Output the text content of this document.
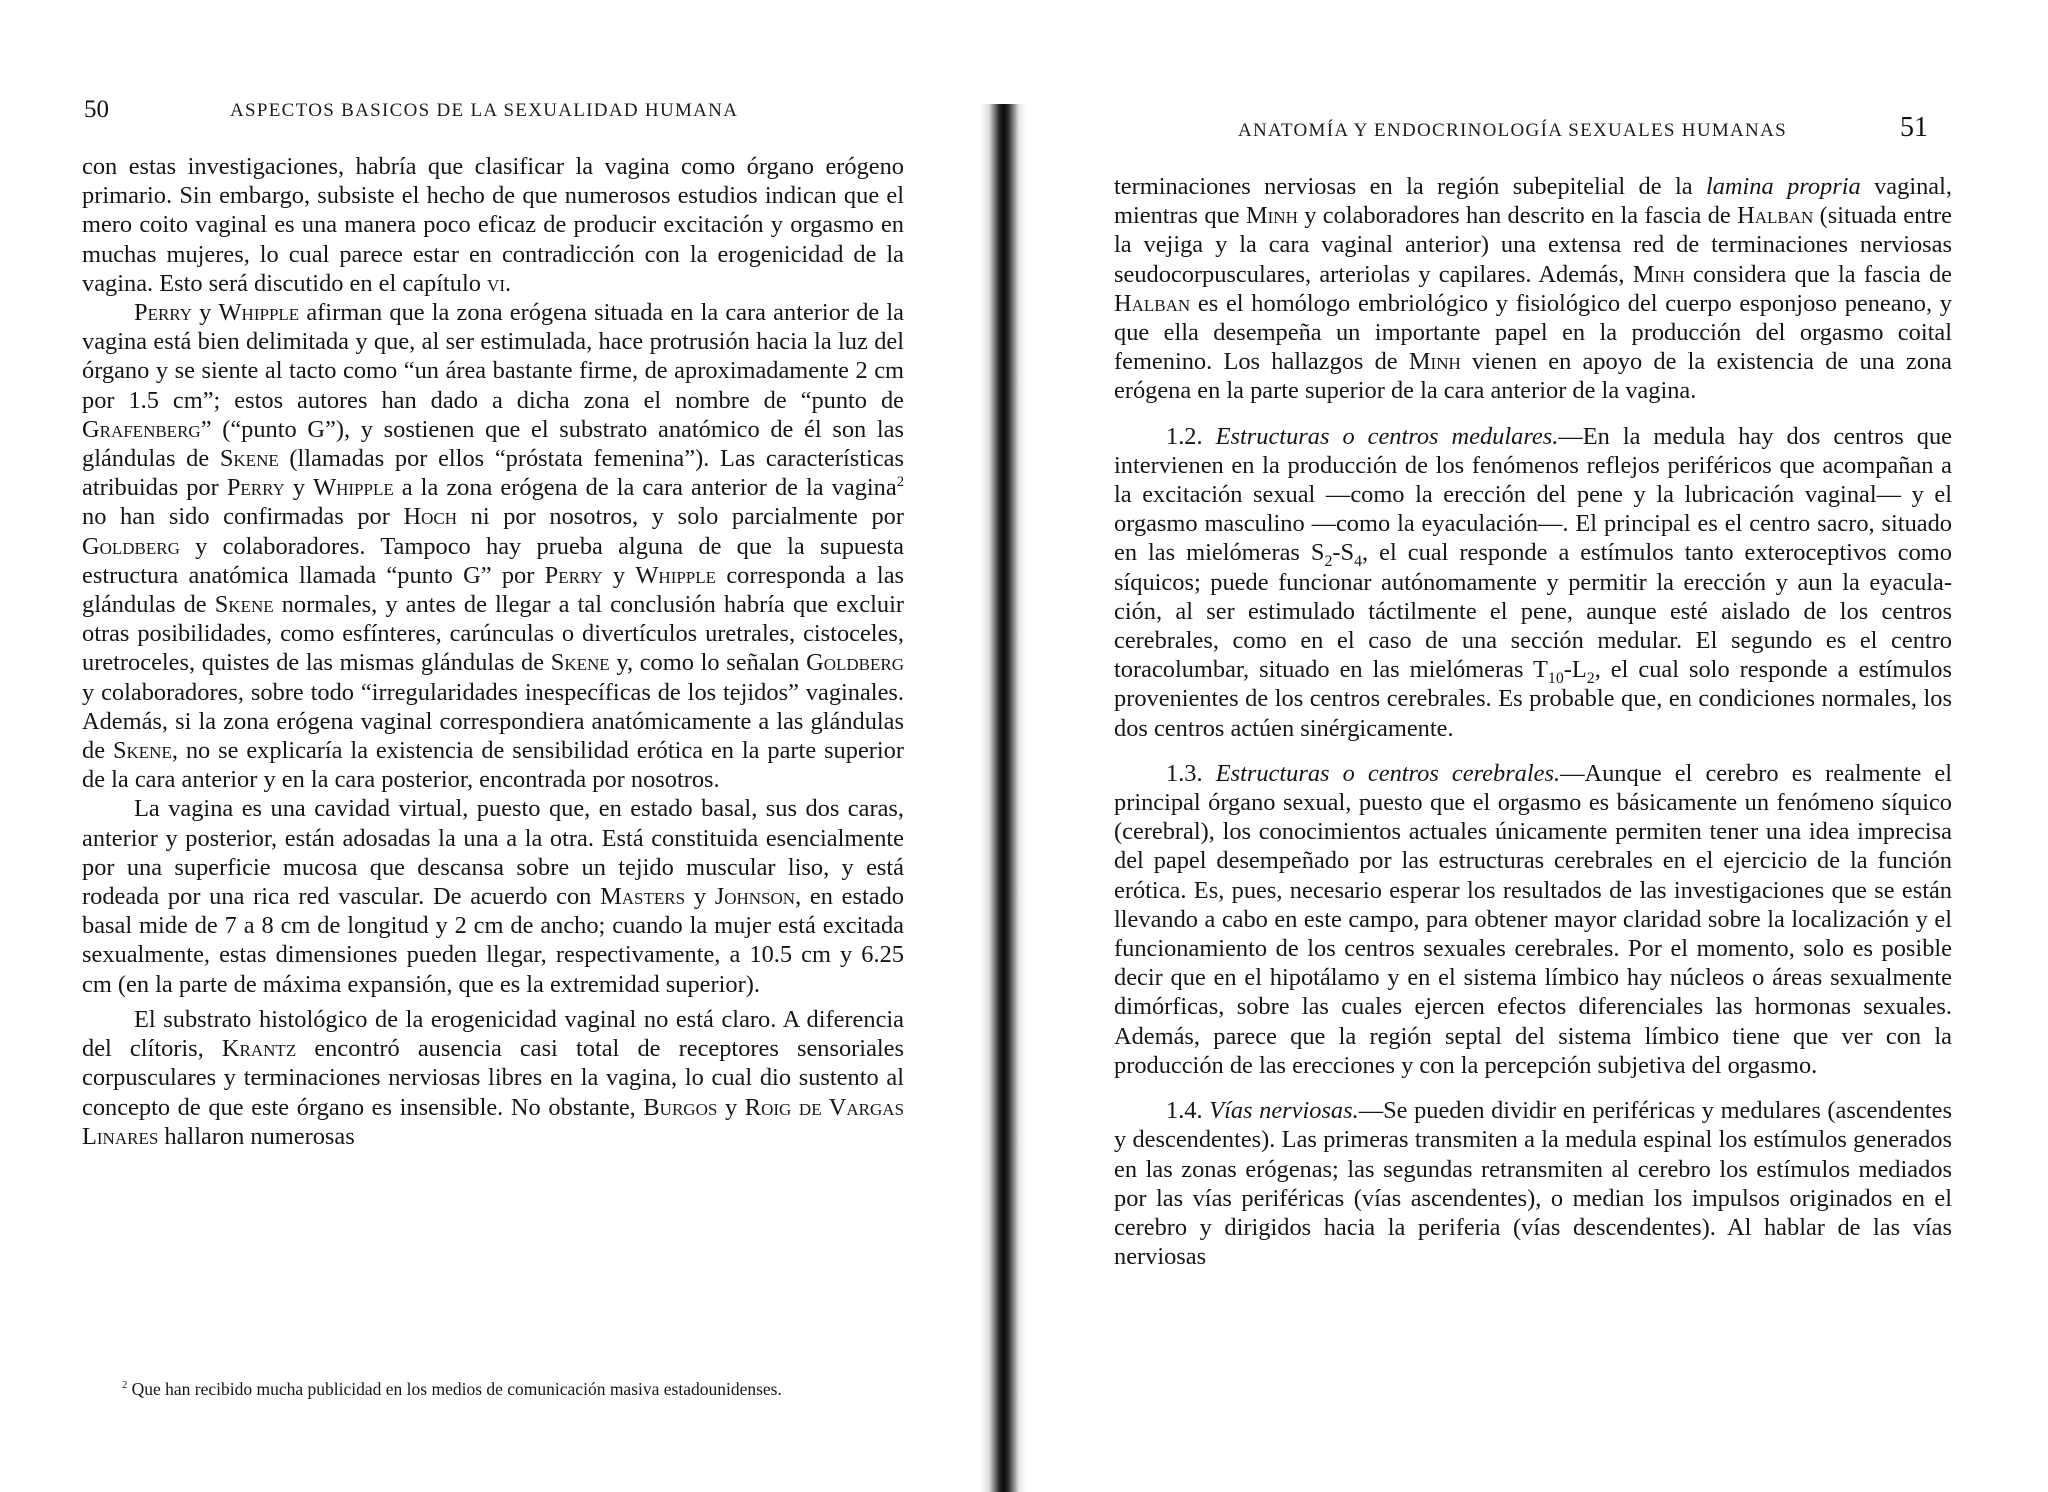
50	ASPECTOS BASICOS DE LA SEXUALIDAD HUMANA

con estas investigaciones, habría que clasificar la vagina como órgano erógeno primario. Sin embargo, subsiste el hecho de que numerosos estudios indican que el mero coito vaginal es una manera poco eficaz de producir excitación y orgasmo en muchas mujeres, lo cual parece estar en contradicción con la erogenicidad de la vagina. Esto será discutido en el capítulo vi.

Perry y Whipple afirman que la zona erógena situada en la cara anterior de la vagina está bien delimitada y que, al ser estimulada, hace protrusión hacia la luz del órgano y se siente al tacto como “un área bastante firme, de aproximadamente 2 cm por 1.5 cm”; estos autores han dado a dicha zona el nombre de “punto de Grafenberg” (“punto G”), y sostienen que el substrato anatómico de él son las glándulas de Skene (llamadas por ellos “próstata femenina”). Las características atribuidas por Perry y Whipple a la zona erógena de la cara anterior de la vagina$^2$ no han sido confirmadas por Hoch ni por nosotros, y solo parcialmente por Goldberg y colaboradores. Tampoco hay prueba alguna de que la supuesta estructura anatómica llamada “punto G” por Perry y Whipple corresponda a las glándulas de Skene normales, y antes de llegar a tal conclusión habría que excluir otras posibilidades, como esfínteres, carúnculas o divertículos uretrales, cistoceles, uretroceles, quistes de las mismas glándulas de Skene y, como lo señalan Goldberg y colaboradores, sobre todo “irregularidades inespecíficas de los tejidos” vaginales. Además, si la zona erógena vaginal correspondiera anatómicamente a las glándulas de Skene, no se explicaría la existencia de sensibilidad erótica en la parte superior de la cara anterior y en la cara posterior, encontrada por nosotros.

La vagina es una cavidad virtual, puesto que, en estado basal, sus dos caras, anterior y posterior, están adosadas la una a la otra. Está constituida esencialmente por una superficie mucosa que descansa sobre un tejido muscular liso, y está rodeada por una rica red vascular. De acuerdo con Masters y Johnson, en estado basal mide de 7 a 8 cm de longitud y 2 cm de ancho; cuando la mujer está excitada sexualmente, estas dimensiones pueden llegar, respectivamente, a 10.5 cm y 6.25 cm (en la parte de máxima expansión, que es la extremidad superior).

El substrato histológico de la erogenicidad vaginal no está claro. A diferencia del clítoris, Krantz encontró ausencia casi total de receptores sensoriales corpusculares y terminaciones nerviosas libres en la vagina, lo cual dio sustento al concepto de que este órgano es insensible. No obstante, Burgos y Roig de Vargas Linares hallaron numerosas

$^2$ Que han recibido mucha publicidad en los medios de comunicación masiva estadounidenses.

ANATOMÍA Y ENDOCRINOLOGÍA SEXUALES HUMANAS	51

terminaciones nerviosas en la región subepitelial de la lamina propria vaginal, mientras que Minh y colaboradores han descrito en la fascia de Halban (situada entre la vejiga y la cara vaginal anterior) una extensa red de terminaciones nerviosas seudocorpusculares, arteriolas y capilares. Además, Minh considera que la fascia de Halban es el homólogo embriológico y fisiológico del cuerpo esponjoso peneano, y que ella desempeña un importante papel en la producción del orgasmo coital femenino. Los hallazgos de Minh vienen en apoyo de la existencia de una zona erógena en la parte superior de la cara anterior de la vagina.

1.2. Estructuras o centros medulares.—En la medula hay dos centros que intervienen en la producción de los fenómenos reflejos periféricos que acompañan a la excitación sexual —como la erección del pene y la lubricación vaginal— y el orgasmo masculino —como la eyaculación—. El principal es el centro sacro, situado en las mielómeras $S_2-S_4$, el cual responde a estímulos tanto exteroceptivos como síquicos; puede funcionar autónomamente y permitir la erección y aun la eyaculación, al ser estimulado táctilmente el pene, aunque esté aislado de los centros cerebrales, como en el caso de una sección medular. El segundo es el centro toracolumbar, situado en las mielómeras $T_{10}-L_2$, el cual solo responde a estímulos provenientes de los centros cerebrales. Es probable que, en condiciones normales, los dos centros actúen sinérgicamente.

1.3. Estructuras o centros cerebrales.—Aunque el cerebro es realmente el principal órgano sexual, puesto que el orgasmo es básicamente un fenómeno síquico (cerebral), los conocimientos actuales únicamente permiten tener una idea imprecisa del papel desempeñado por las estructuras cerebrales en el ejercicio de la función erótica. Es, pues, necesario esperar los resultados de las investigaciones que se están llevando a cabo en este campo, para obtener mayor claridad sobre la localización y el funcionamiento de los centros sexuales cerebrales. Por el momento, solo es posible decir que en el hipotálamo y en el sistema límbico hay núcleos o áreas sexualmente dimórficas, sobre las cuales ejercen efectos diferenciales las hormonas sexuales. Además, parece que la región septal del sistema límbico tiene que ver con la producción de las erecciones y con la percepción subjetiva del orgasmo.

1.4. Vías nerviosas.—Se pueden dividir en periféricas y medulares (ascendentes y descendentes). Las primeras transmiten a la medula espinal los estímulos generados en las zonas erógenas; las segundas retransmiten al cerebro los estímulos mediados por las vías periféricas (vías ascendentes), o median los impulsos originados en el cerebro y dirigidos hacia la periferia (vías descendentes). Al hablar de las vías nerviosas
